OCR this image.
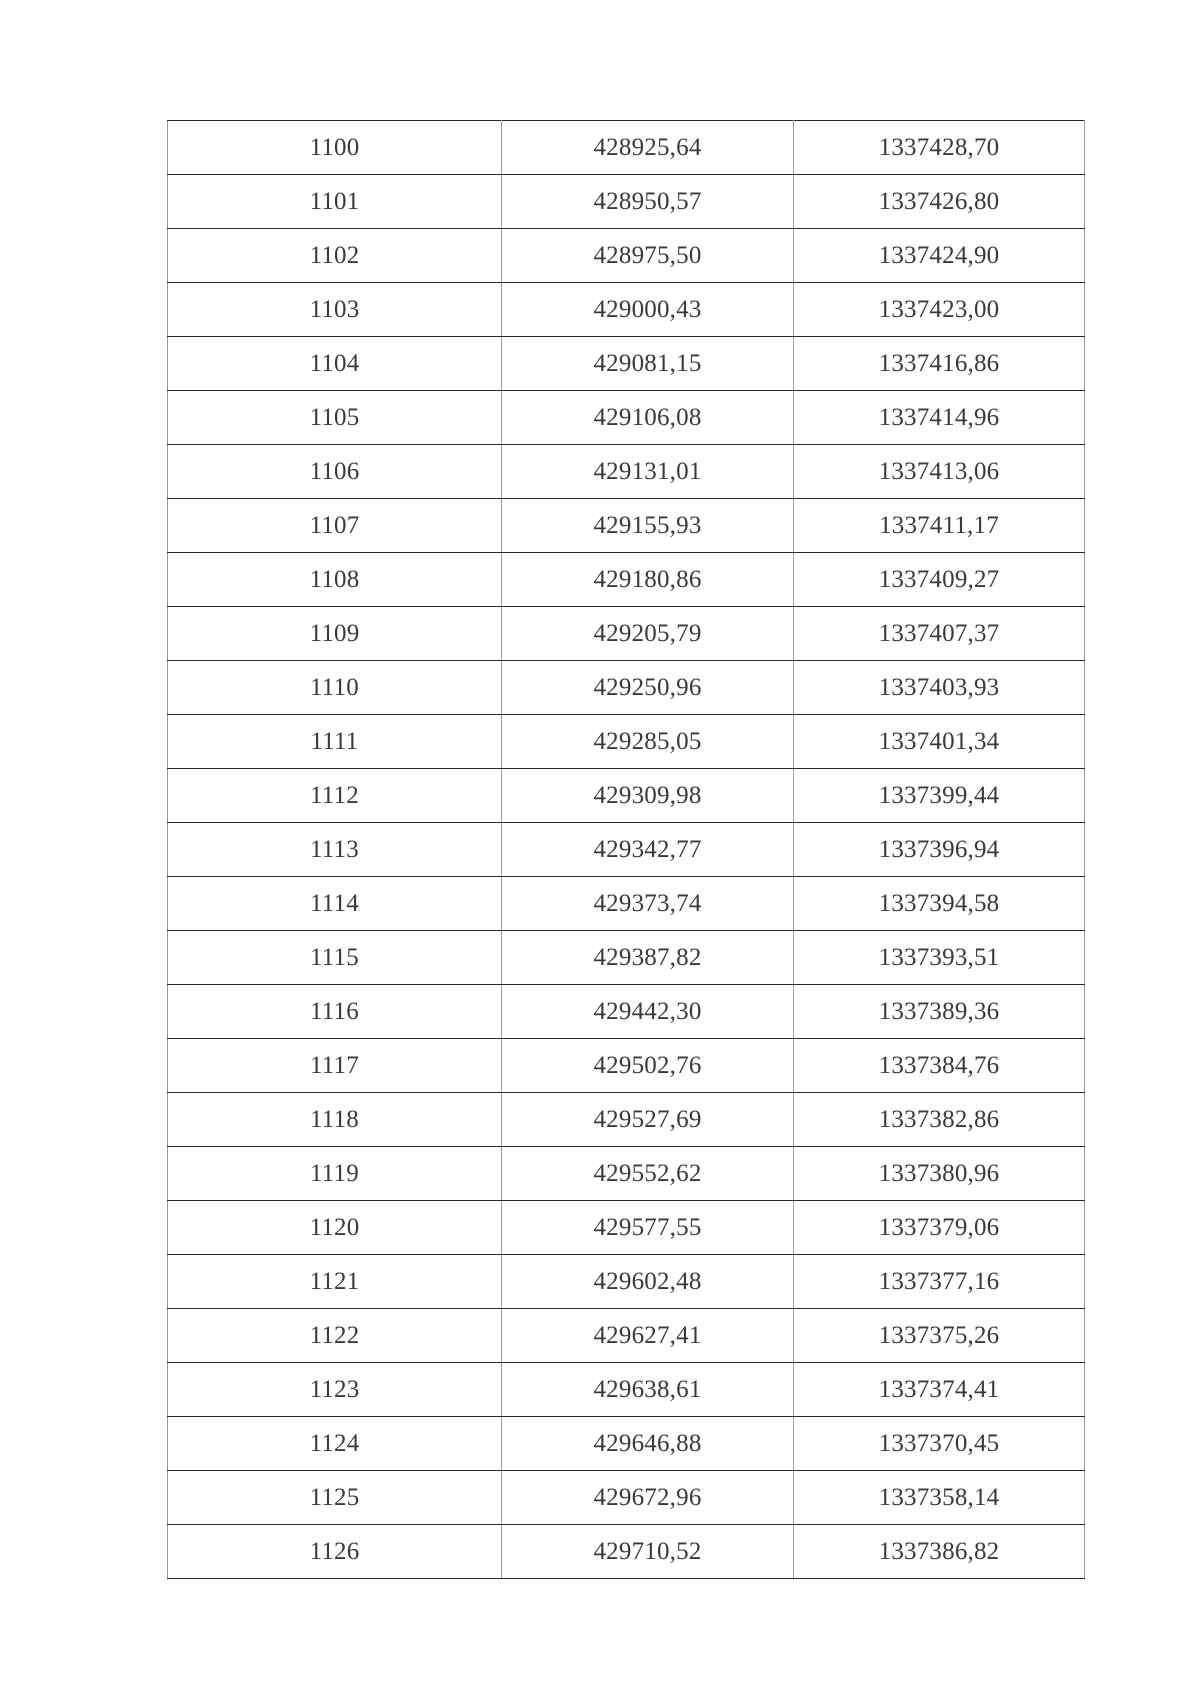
1100	428925,64	1337428,70
1101	428950,57	1337426,80
1102	428975,50	1337424,90
1103	429000,43	1337423,00
1104	429081,15	1337416,86
1105	429106,08	1337414,96
1106	429131,01	1337413,06
1107	429155,93	1337411,17
1108	429180,86	1337409,27
1109	429205,79	1337407,37
1110	429250,96	1337403,93
1111	429285,05	1337401,34
1112	429309,98	1337399,44
1113	429342,77	1337396,94
1114	429373,74	1337394,58
1115	429387,82	1337393,51
1116	429442,30	1337389,36
1117	429502,76	1337384,76
1118	429527,69	1337382,86
1119	429552,62	1337380,96
1120	429577,55	1337379,06
1121	429602,48	1337377,16
1122	429627,41	1337375,26
1123	429638,61	1337374,41
1124	429646,88	1337370,45
1125	429672,96	1337358,14
1126	429710,52	1337386,82
